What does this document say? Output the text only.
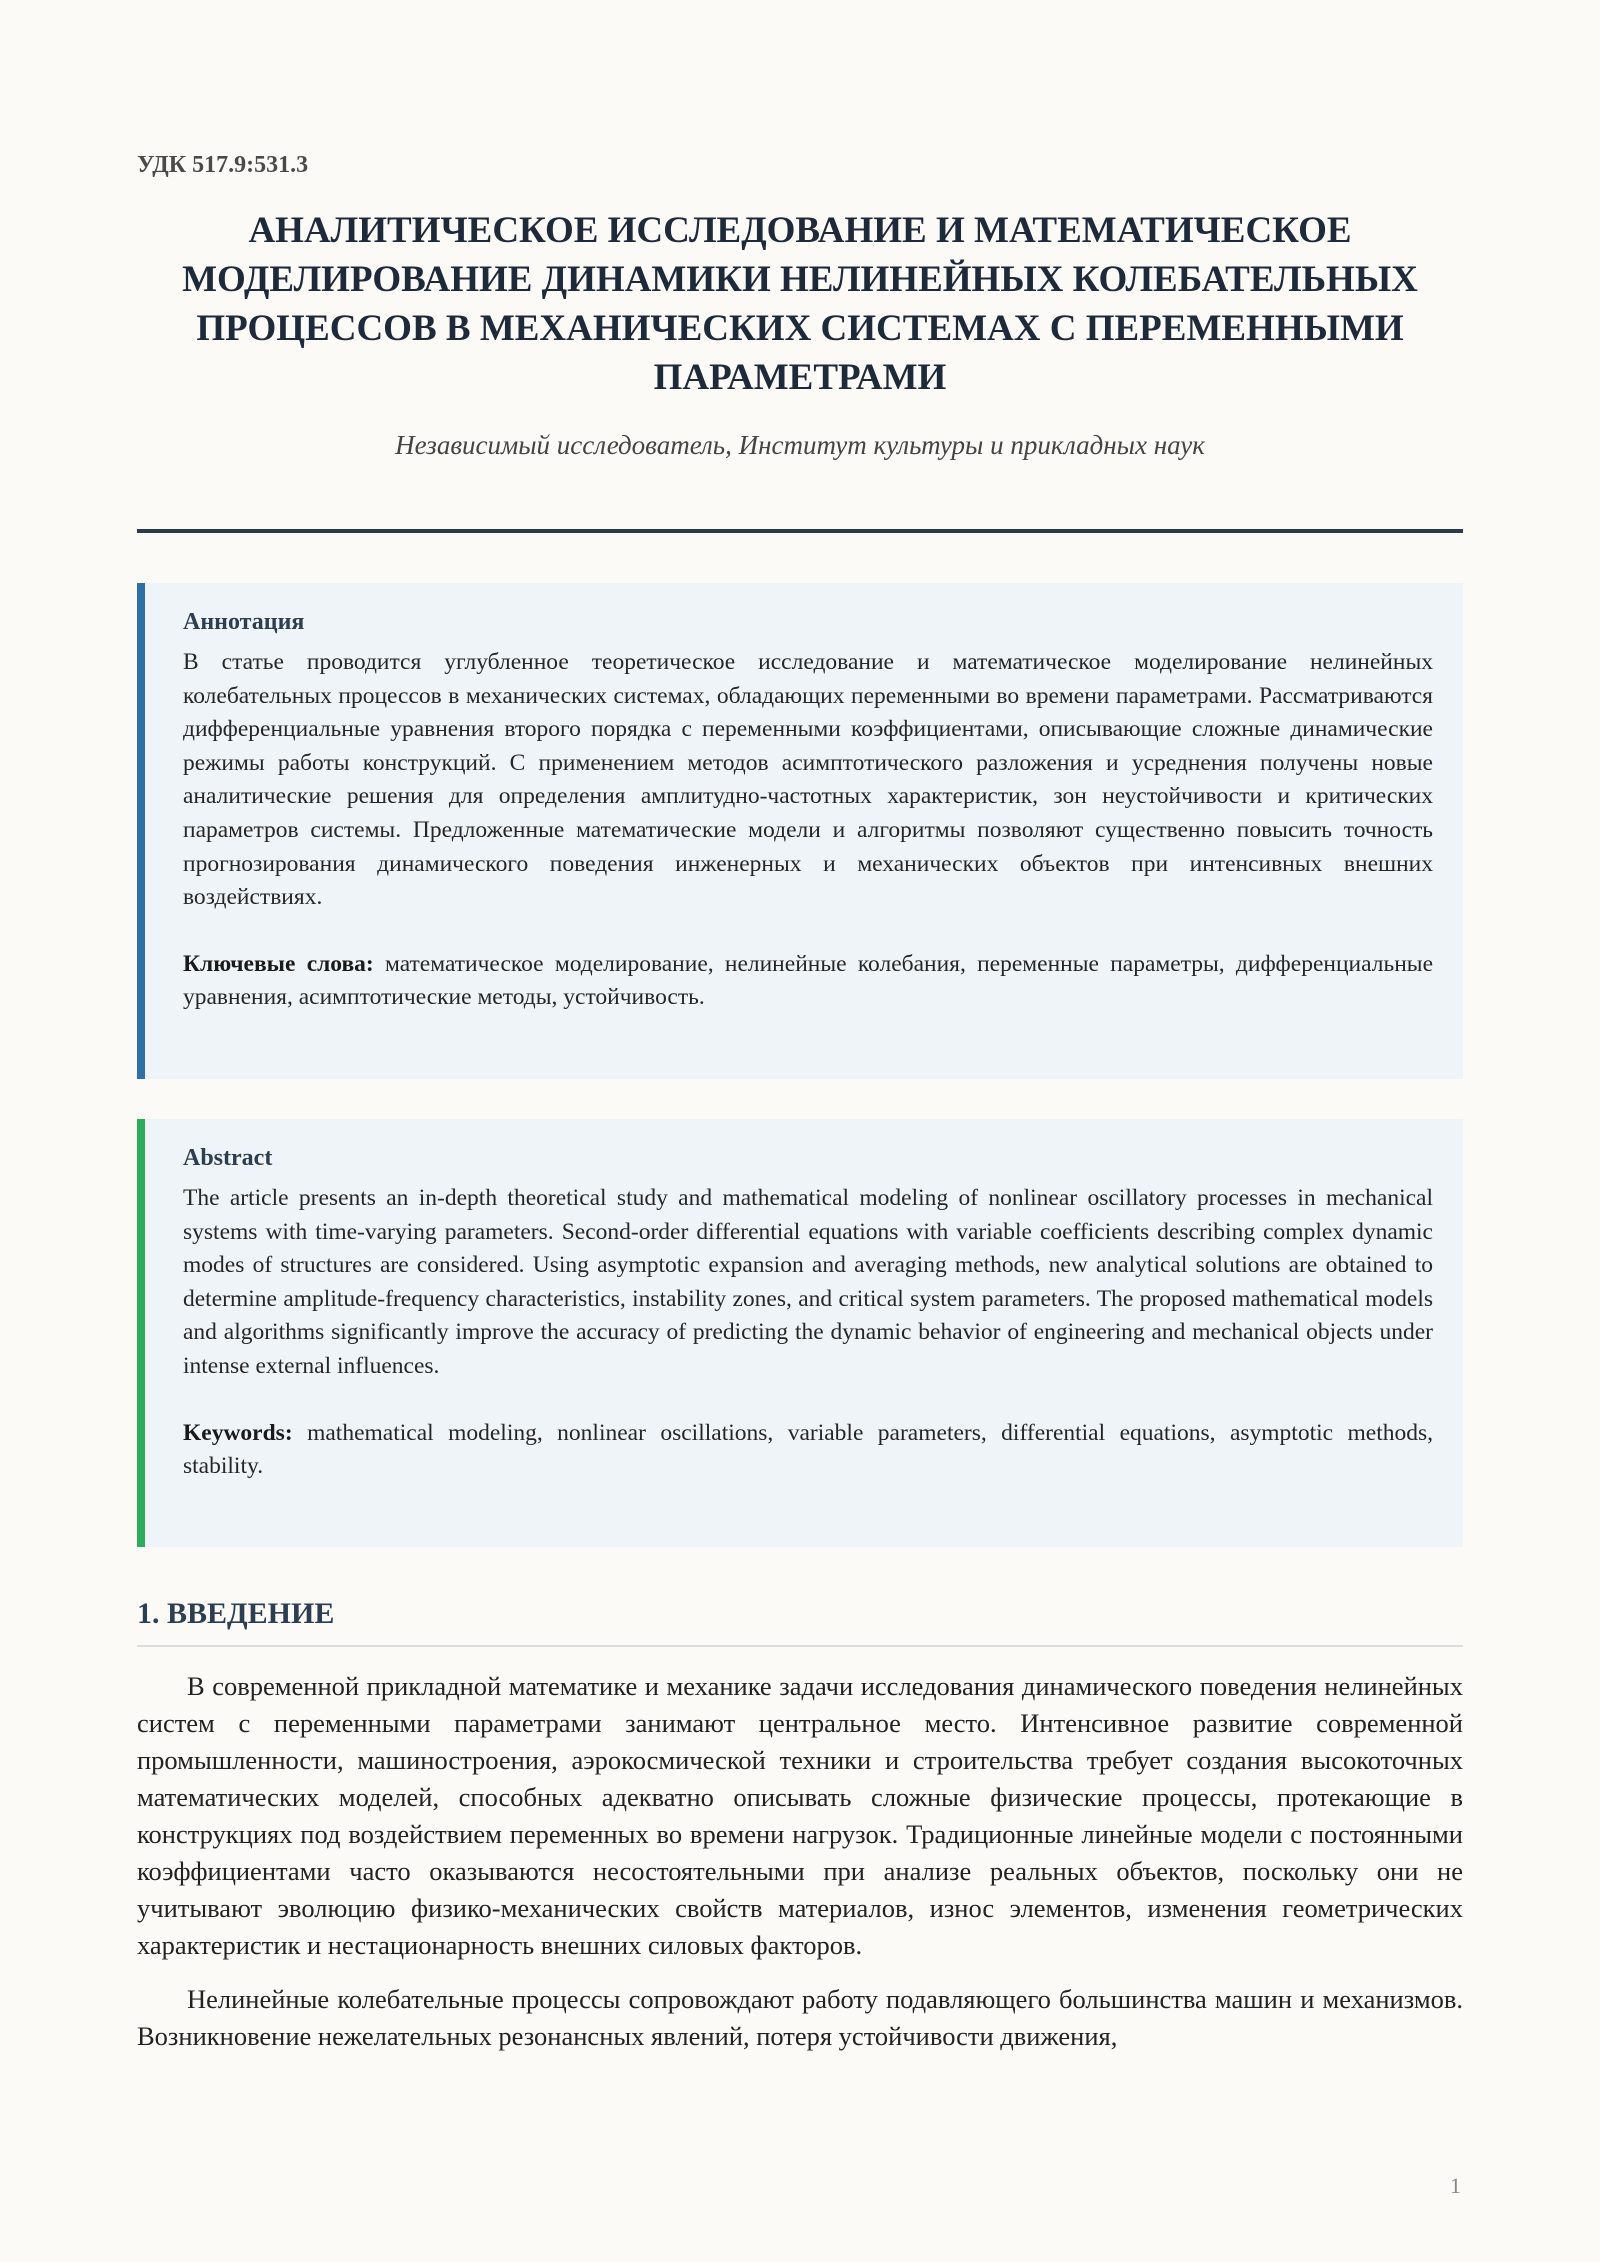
УДК 517.9:531.3
АНАЛИТИЧЕСКОЕ ИССЛЕДОВАНИЕ И МАТЕМАТИЧЕСКОЕ МОДЕЛИРОВАНИЕ ДИНАМИКИ НЕЛИНЕЙНЫХ КОЛЕБАТЕЛЬНЫХ ПРОЦЕССОВ В МЕХАНИЧЕСКИХ СИСТЕМАХ С ПЕРЕМЕННЫМИ ПАРАМЕТРАМИ
Независимый исследователь, Институт культуры и прикладных наук
Аннотация

В статье проводится углубленное теоретическое исследование и математическое моделирование нелинейных колебательных процессов в механических системах, обладающих переменными во времени параметрами. Рассматриваются дифференциальные уравнения второго порядка с переменными коэффициентами, описывающие сложные динамические режимы работы конструкций. С применением методов асимптотического разложения и усреднения получены новые аналитические решения для определения амплитудно-частотных характеристик, зон неустойчивости и критических параметров системы. Предложенные математические модели и алгоритмы позволяют существенно повысить точность прогнозирования динамического поведения инженерных и механических объектов при интенсивных внешних воздействиях.

Ключевые слова: математическое моделирование, нелинейные колебания, переменные параметры, дифференциальные уравнения, асимптотические методы, устойчивость.

Abstract

The article presents an in-depth theoretical study and mathematical modeling of nonlinear oscillatory processes in mechanical systems with time-varying parameters. Second-order differential equations with variable coefficients describing complex dynamic modes of structures are considered. Using asymptotic expansion and averaging methods, new analytical solutions are obtained to determine amplitude-frequency characteristics, instability zones, and critical system parameters. The proposed mathematical models and algorithms significantly improve the accuracy of predicting the dynamic behavior of engineering and mechanical objects under intense external influences.

Keywords: mathematical modeling, nonlinear oscillations, variable parameters, differential equations, asymptotic methods, stability.

1. ВВЕДЕНИЕ

В современной прикладной математике и механике задачи исследования динамического поведения нелинейных систем с переменными параметрами занимают центральное место. Интенсивное развитие современной промышленности, машиностроения, аэрокосмической техники и строительства требует создания высокоточных математических моделей, способных адекватно описывать сложные физические процессы, протекающие в конструкциях под воздействием переменных во времени нагрузок. Традиционные линейные модели с постоянными коэффициентами часто оказываются несостоятельными при анализе реальных объектов, поскольку они не учитывают эволюцию физико-механических свойств материалов, износ элементов, изменения геометрических характеристик и нестационарность внешних силовых факторов.

Нелинейные колебательные процессы сопровождают работу подавляющего большинства машин и механизмов. Возникновение нежелательных резонансных явлений, потеря устойчивости движения,

1
